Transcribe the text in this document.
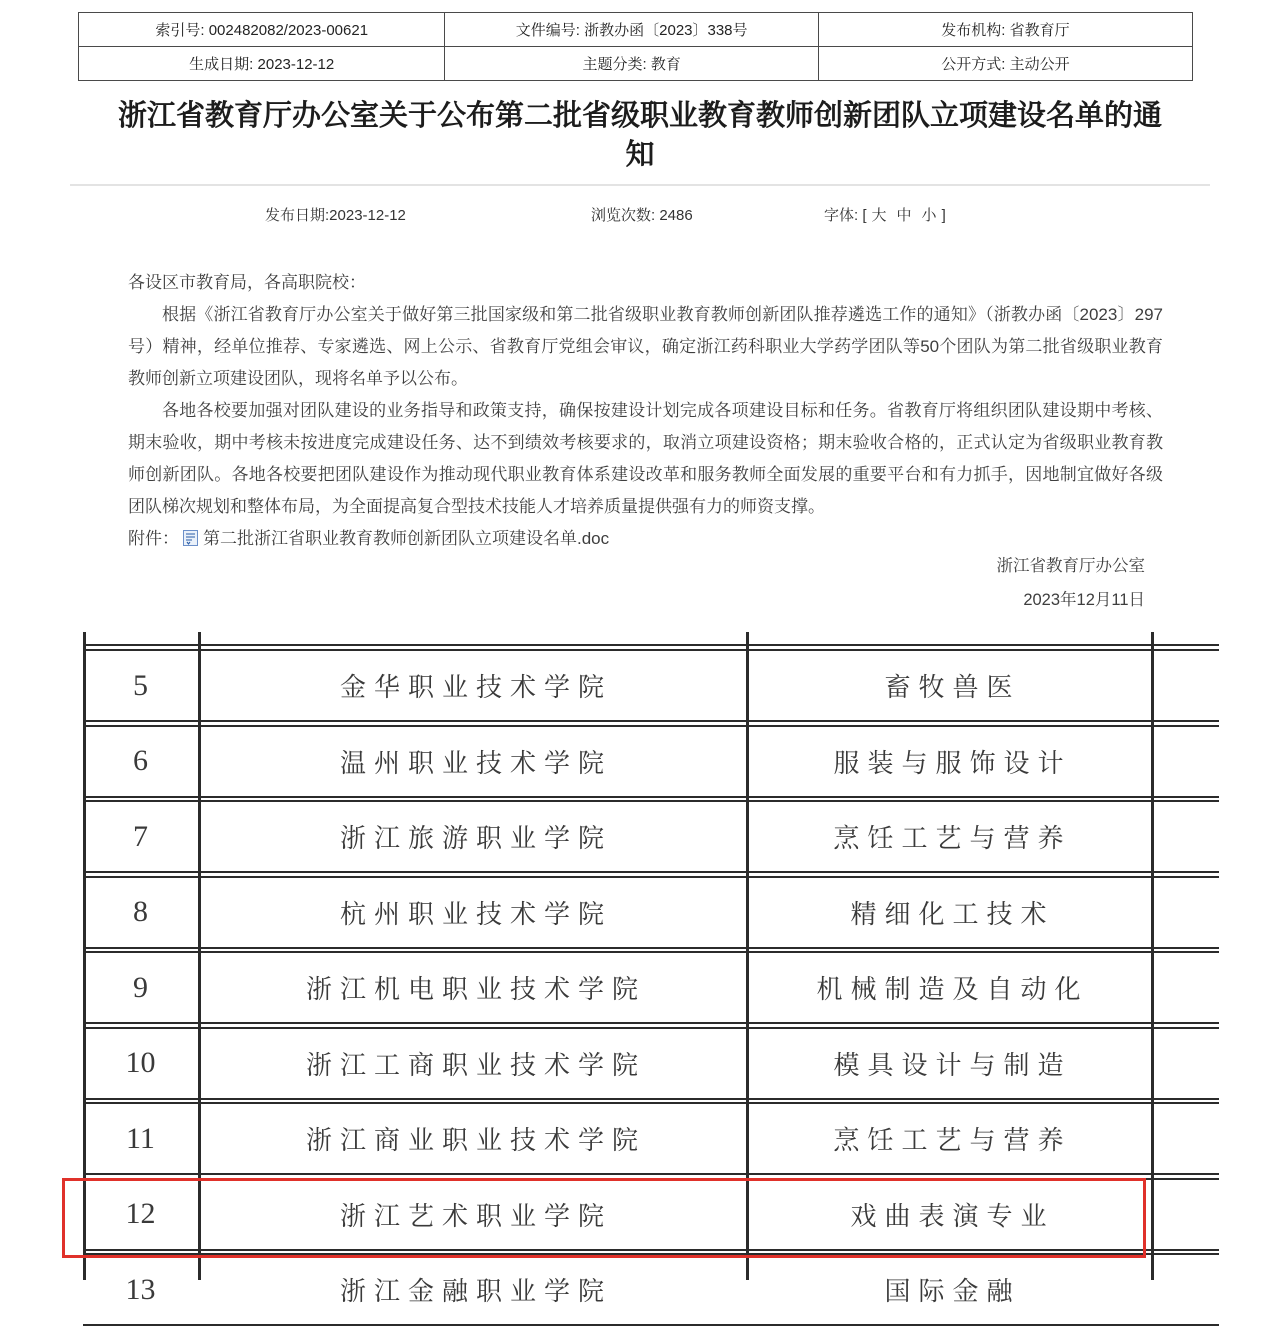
索引号: 002482082/2023-00621	文件编号: 浙教办函〔2023〕338号	发布机构: 省教育厅
生成日期: 2023-12-12	主题分类: 教育	公开方式: 主动公开
浙江省教育厅办公室关于公布第二批省级职业教育教师创新团队立项建设名单的通知
发布日期:2023-12-12	浏览次数: 2486	字体: [ 大 中 小 ]

各设区市教育局，各高职院校：

根据《浙江省教育厅办公室关于做好第三批国家级和第二批省级职业教育教师创新团队推荐遴选工作的通知》（浙教办函〔2023〕297号）精神，经单位推荐、专家遴选、网上公示、省教育厅党组会审议，确定浙江药科职业大学药学团队等50个团队为第二批省级职业教育教师创新立项建设团队，现将名单予以公布。

各地各校要加强对团队建设的业务指导和政策支持，确保按建设计划完成各项建设目标和任务。省教育厅将组织团队建设期中考核、期末验收，期中考核未按进度完成建设任务、达不到绩效考核要求的，取消立项建设资格；期末验收合格的，正式认定为省级职业教育教师创新团队。各地各校要把团队建设作为推动现代职业教育体系建设改革和服务教师全面发展的重要平台和有力抓手，因地制宜做好各级团队梯次规划和整体布局，为全面提高复合型技术技能人才培养质量提供强有力的师资支撑。

附件： 第二批浙江省职业教育教师创新团队立项建设名单.doc

浙江省教育厅办公室
2023年12月11日
5	金华职业技术学院	畜牧兽医
6	温州职业技术学院	服装与服饰设计
7	浙江旅游职业学院	烹饪工艺与营养
8	杭州职业技术学院	精细化工技术
9	浙江机电职业技术学院	机械制造及自动化
10	浙江工商职业技术学院	模具设计与制造
11	浙江商业职业技术学院	烹饪工艺与营养
12	浙江艺术职业学院	戏曲表演专业
13	浙江金融职业学院	国际金融
